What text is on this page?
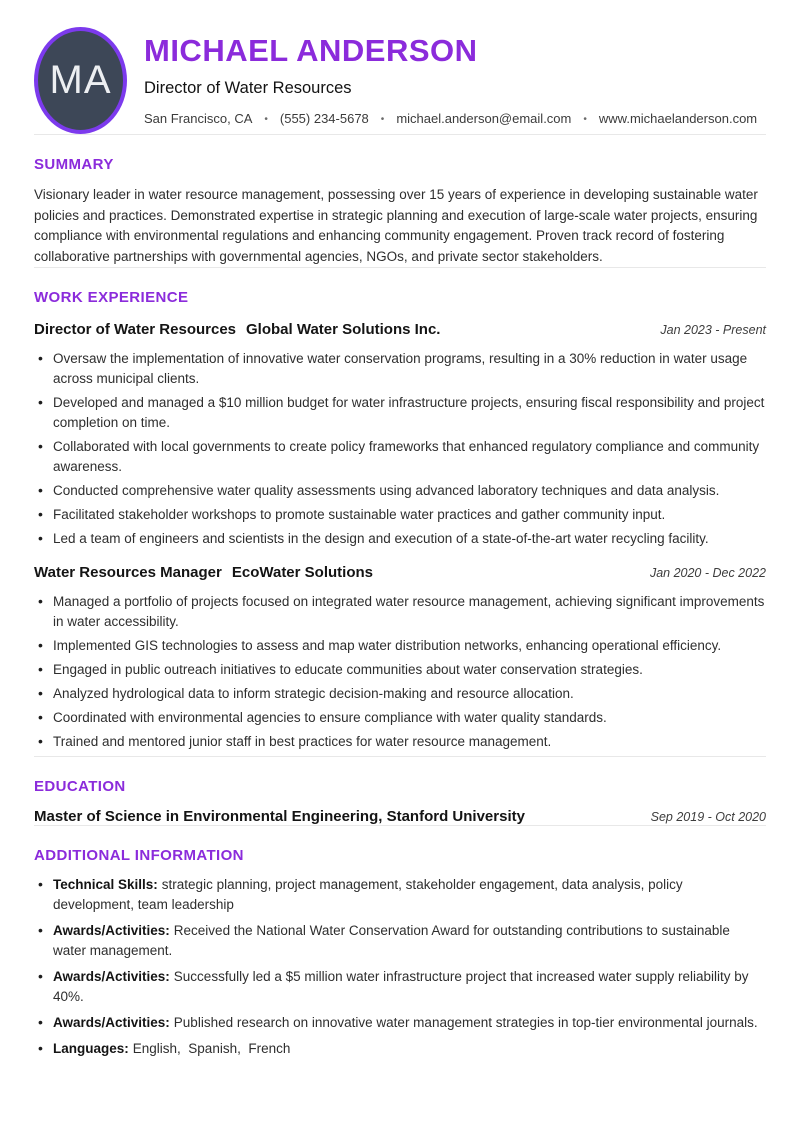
MA
MICHAEL ANDERSON
Director of Water Resources
San Francisco, CA • (555) 234-5678 • michael.anderson@email.com • www.michaelanderson.com
SUMMARY

Visionary leader in water resource management, possessing over 15 years of experience in developing sustainable water policies and practices. Demonstrated expertise in strategic planning and execution of large-scale water projects, ensuring compliance with environmental regulations and enhancing community engagement. Proven track record of fostering collaborative partnerships with governmental agencies, NGOs, and private sector stakeholders.

WORK EXPERIENCE
Director of Water Resources Global Water Solutions Inc.	Jan 2023 - Present
• Oversaw the implementation of innovative water conservation programs, resulting in a 30% reduction in water usage across municipal clients.
• Developed and managed a $10 million budget for water infrastructure projects, ensuring fiscal responsibility and project completion on time.
• Collaborated with local governments to create policy frameworks that enhanced regulatory compliance and community awareness.
• Conducted comprehensive water quality assessments using advanced laboratory techniques and data analysis.
• Facilitated stakeholder workshops to promote sustainable water practices and gather community input.
• Led a team of engineers and scientists in the design and execution of a state-of-the-art water recycling facility.
Water Resources Manager EcoWater Solutions	Jan 2020 - Dec 2022
• Managed a portfolio of projects focused on integrated water resource management, achieving significant improvements in water accessibility.
• Implemented GIS technologies to assess and map water distribution networks, enhancing operational efficiency.
• Engaged in public outreach initiatives to educate communities about water conservation strategies.
• Analyzed hydrological data to inform strategic decision-making and resource allocation.
• Coordinated with environmental agencies to ensure compliance with water quality standards.
• Trained and mentored junior staff in best practices for water resource management.
EDUCATION
Master of Science in Environmental Engineering, Stanford University	Sep 2019 - Oct 2020
ADDITIONAL INFORMATION
• Technical Skills: strategic planning, project management, stakeholder engagement, data analysis, policy development, team leadership
• Awards/Activities: Received the National Water Conservation Award for outstanding contributions to sustainable water management.
• Awards/Activities: Successfully led a $5 million water infrastructure project that increased water supply reliability by 40%.
• Awards/Activities: Published research on innovative water management strategies in top-tier environmental journals.
• Languages: English,  Spanish,  French
